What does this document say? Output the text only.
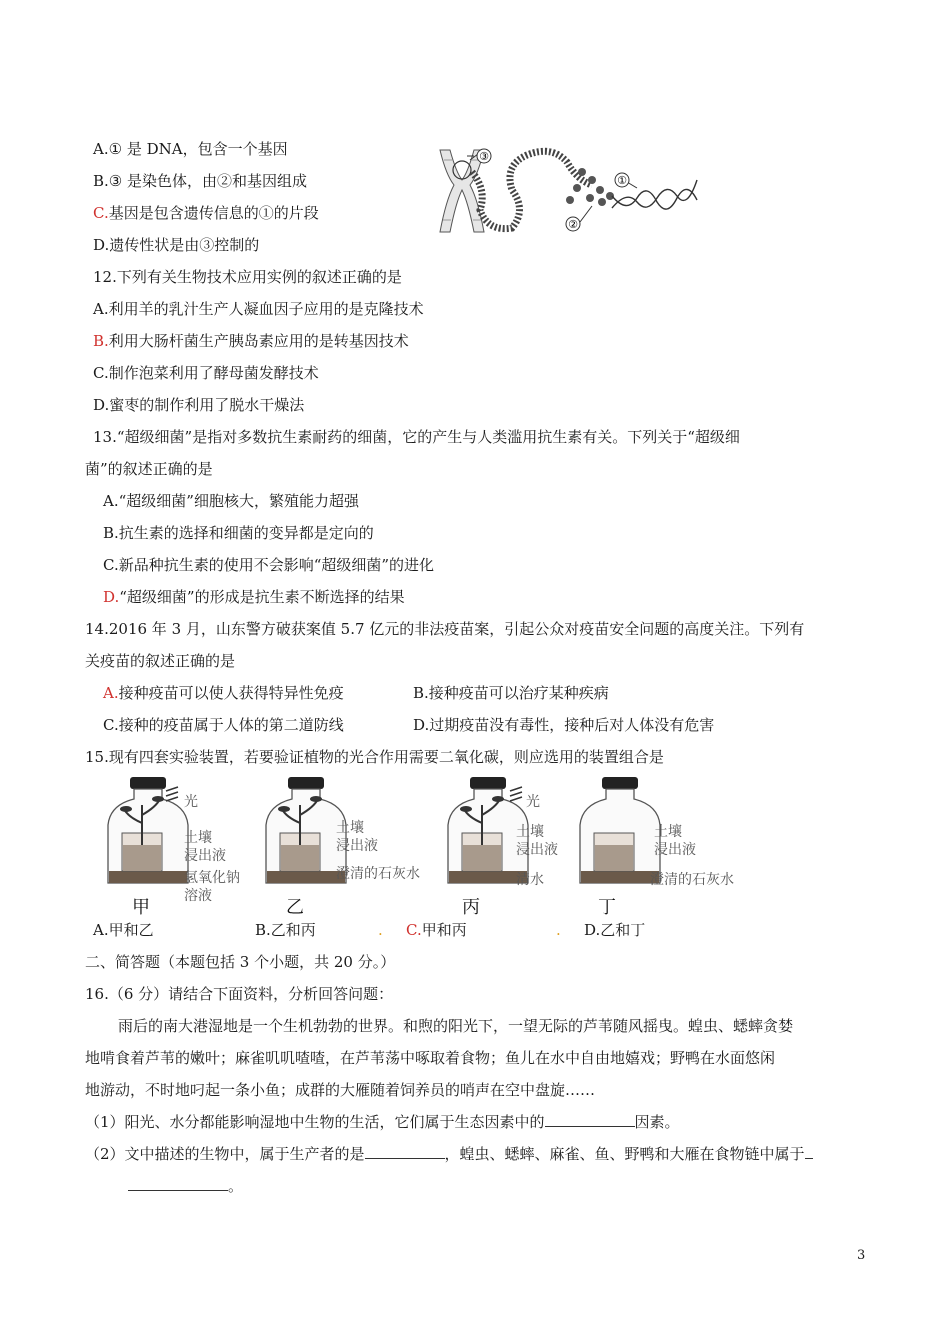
A.① 是 DNA，包含一个基因
B.③ 是染色体，由②和基因组成
C.基因是包含遗传信息的①的片段
D.遗传性状是由③控制的
③
①
②
12.下列有关生物技术应用实例的叙述正确的是
A.利用羊的乳汁生产人凝血因子应用的是克隆技术
B.利用大肠杆菌生产胰岛素应用的是转基因技术
C.制作泡菜利用了酵母菌发酵技术
D.蜜枣的制作利用了脱水干燥法
13.“超级细菌”是指对多数抗生素耐药的细菌，它的产生与人类滥用抗生素有关。下列关于“超级细
菌”的叙述正确的是
A.“超级细菌”细胞核大，繁殖能力超强
B.抗生素的选择和细菌的变异都是定向的
C.新品种抗生素的使用不会影响“超级细菌”的进化
D.“超级细菌”的形成是抗生素不断选择的结果
14.2016 年 3 月，山东警方破获案值 5.7 亿元的非法疫苗案，引起公众对疫苗安全问题的高度关注。下列有
关疫苗的叙述正确的是
A.接种疫苗可以使人获得特异性免疫	B.接种疫苗可以治疗某种疾病
C.接种的疫苗属于人体的第二道防线	D.过期疫苗没有毒性，接种后对人体没有危害
15.现有四套实验装置，若要验证植物的光合作用需要二氧化碳，则应选用的装置组合是
光
土壤
浸出液
氢氧化钠
溶液
甲
土壤
浸出液
澄清的石灰水
乙
光
土壤
浸出液
清水
丙
土壤
浸出液
澄清的石灰水
丁
A.甲和乙	B.乙和丙	. C.甲和丙	. D.乙和丁
二、简答题（本题包括 3 个小题，共 20 分。）
16.（6 分）请结合下面资料，分析回答问题：
雨后的南大港湿地是一个生机勃勃的世界。和煦的阳光下，一望无际的芦苇随风摇曳。蝗虫、蟋蟀贪婪
地啃食着芦苇的嫩叶；麻雀叽叽喳喳，在芦苇荡中啄取着食物；鱼儿在水中自由地嬉戏；野鸭在水面悠闲
地游动，不时地叼起一条小鱼；成群的大雁随着饲养员的哨声在空中盘旋……
（1）阳光、水分都能影响湿地中生物的生活，它们属于生态因素中的	因素。
（2）文中描述的生物中，属于生产者的是	，蝗虫、蟋蟀、麻雀、鱼、野鸭和大雁在食物链中属于
。
3
